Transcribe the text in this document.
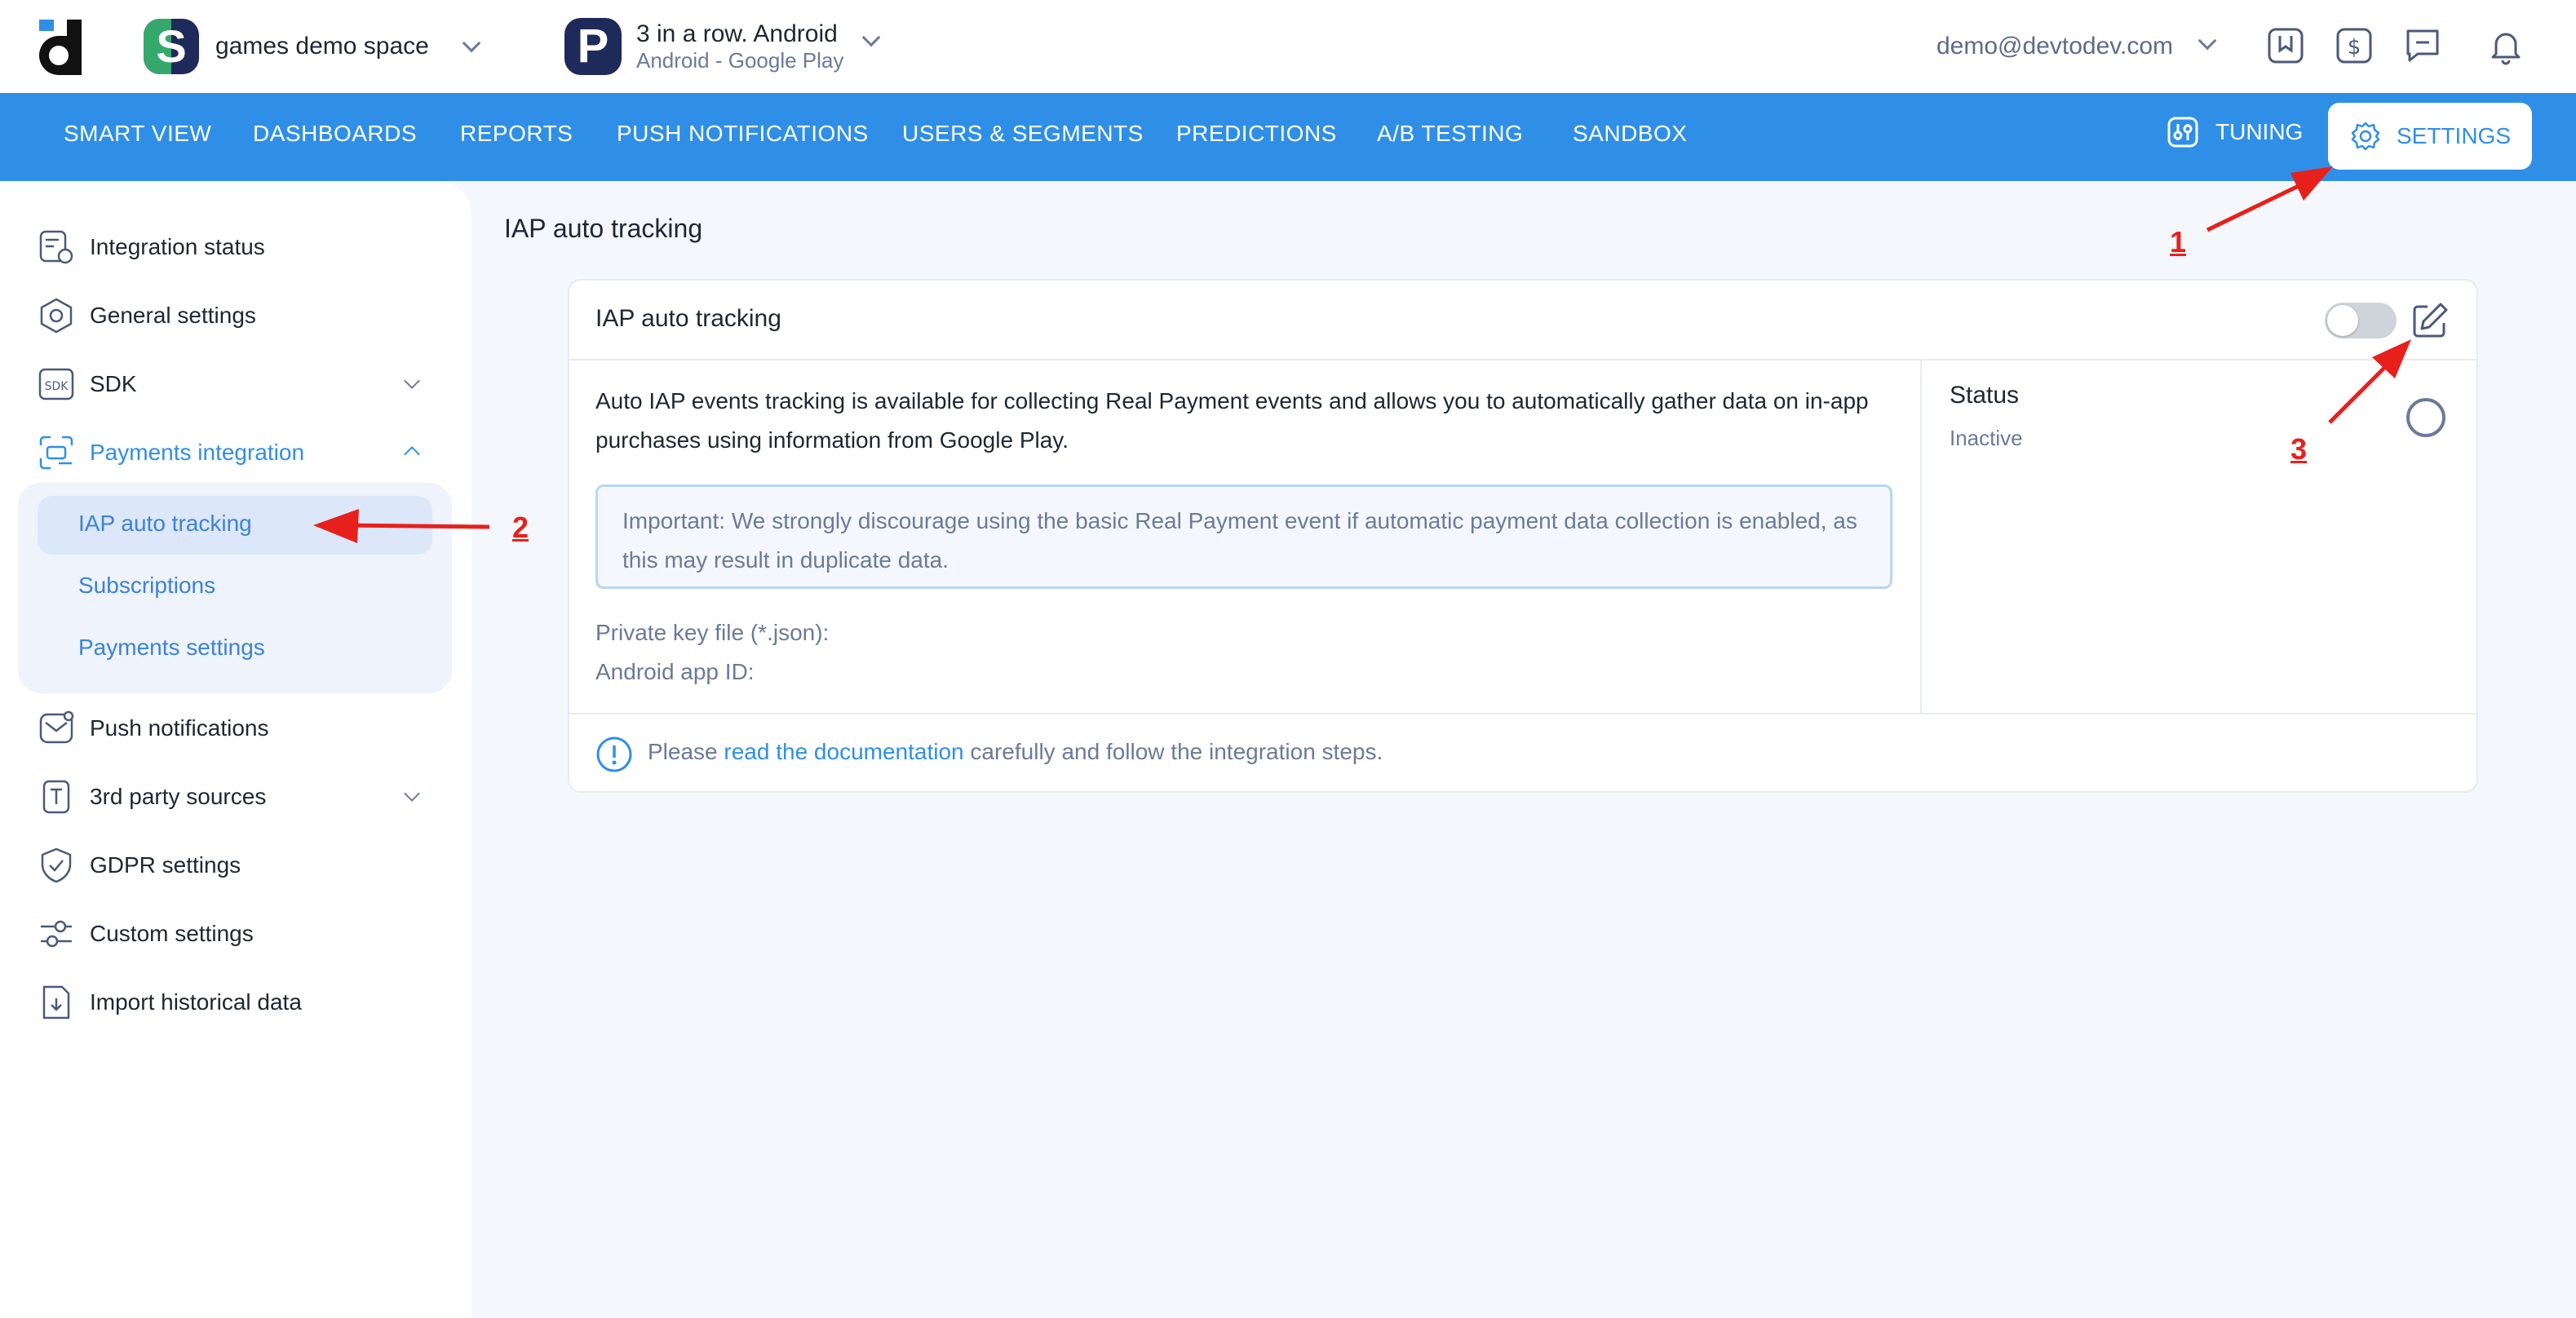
S	games demo space	P	3 in a row. Android
Android - Google Play
demo@devtodev.com	$
SMART VIEW DASHBOARDS REPORTS PUSH NOTIFICATIONS USERS & SEGMENTS PREDICTIONS A/B TESTING SANDBOX	TUNING	SETTINGS
Integration status
General settings
SDK SDK
Payments integration
IAP auto tracking
Subscriptions
Payments settings
Push notifications
3rd party sources
GDPR settings
Custom settings
Import historical data
IAP auto tracking
IAP auto tracking
Auto IAP events tracking is available for collecting Real Payment events and allows you to automatically gather data on in-app purchases using information from Google Play.
Important: We strongly discourage using the basic Real Payment event if automatic payment data collection is enabled, as this may result in duplicate data.
Private key file (*.json):
Android app ID:
Status
Inactive
Please read the documentation carefully and follow the integration steps.
1
2
3
